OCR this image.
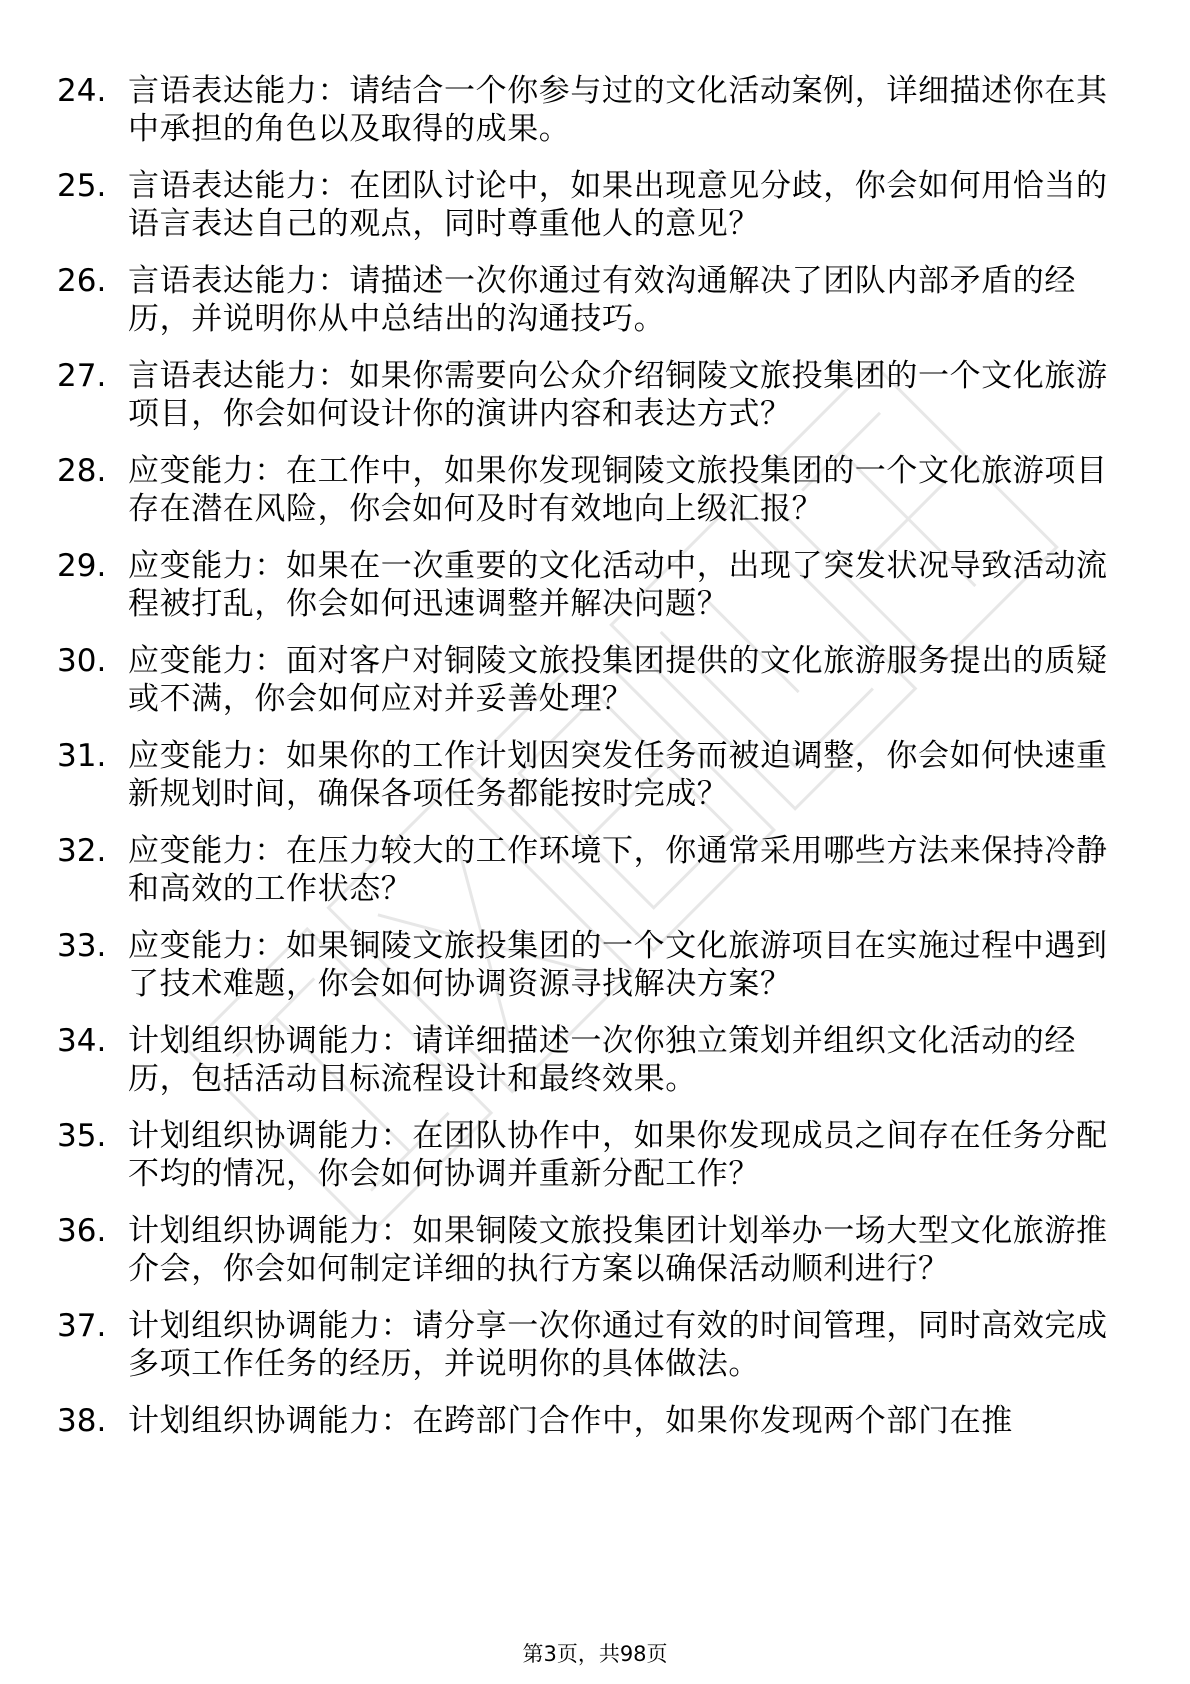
24. 言语表达能力：请结合一个你参与过的文化活动案例，详细描述你在其中承担的角色以及取得的成果。
25. 言语表达能力：在团队讨论中，如果出现意见分歧，你会如何用恰当的语言表达自己的观点，同时尊重他人的意见？
26. 言语表达能力：请描述一次你通过有效沟通解决了团队内部矛盾的经历，并说明你从中总结出的沟通技巧。
27. 言语表达能力：如果你需要向公众介绍铜陵文旅投集团的一个文化旅游项目，你会如何设计你的演讲内容和表达方式？
28. 应变能力：在工作中，如果你发现铜陵文旅投集团的一个文化旅游项目存在潜在风险，你会如何及时有效地向上级汇报？
29. 应变能力：如果在一次重要的文化活动中，出现了突发状况导致活动流程被打乱，你会如何迅速调整并解决问题？
30. 应变能力：面对客户对铜陵文旅投集团提供的文化旅游服务提出的质疑或不满，你会如何应对并妥善处理？
31. 应变能力：如果你的工作计划因突发任务而被迫调整，你会如何快速重新规划时间，确保各项任务都能按时完成？
32. 应变能力：在压力较大的工作环境下，你通常采用哪些方法来保持冷静和高效的工作状态？
33. 应变能力：如果铜陵文旅投集团的一个文化旅游项目在实施过程中遇到了技术难题，你会如何协调资源寻找解决方案？
34. 计划组织协调能力：请详细描述一次你独立策划并组织文化活动的经历，包括活动目标流程设计和最终效果。
35. 计划组织协调能力：在团队协作中，如果你发现成员之间存在任务分配不均的情况，你会如何协调并重新分配工作？
36. 计划组织协调能力：如果铜陵文旅投集团计划举办一场大型文化旅游推介会，你会如何制定详细的执行方案以确保活动顺利进行？
37. 计划组织协调能力：请分享一次你通过有效的时间管理，同时高效完成多项工作任务的经历，并说明你的具体做法。
38. 计划组织协调能力：在跨部门合作中，如果你发现两个部门在推
第3页，共98页
